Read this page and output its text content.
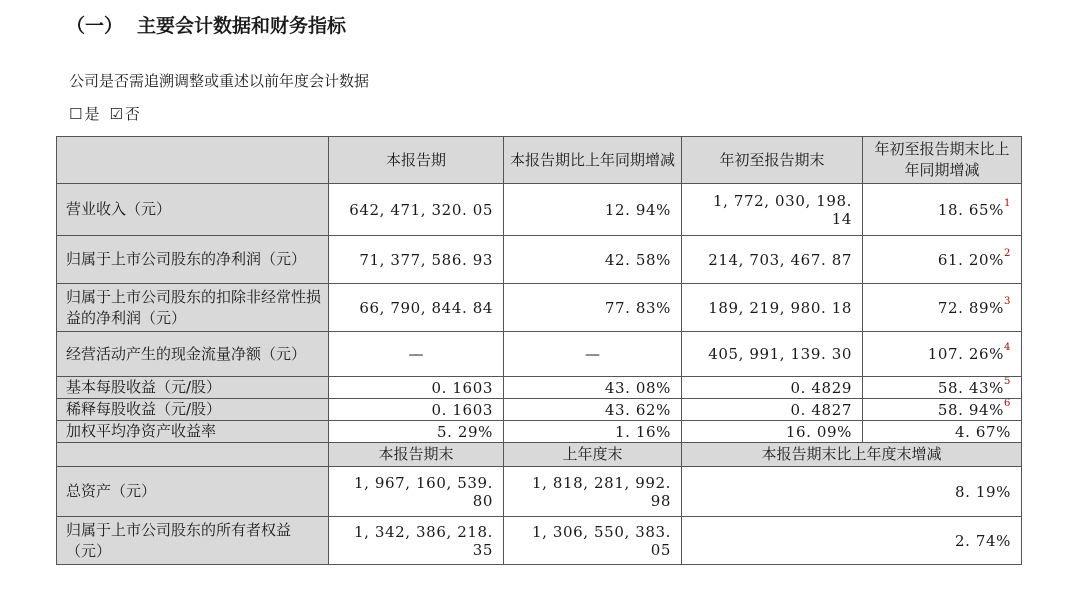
（一） 主要会计数据和财务指标
公司是否需追溯调整或重述以前年度会计数据
☐ 是 ☑ 否
	本报告期	本报告期比上年同期增减	年初至报告期末	年初至报告期末比上年同期增减
营业收入（元）	642, 471, 320. 05	12. 94%	1, 772, 030, 198. 14	18. 65%$^1$
归属于上市公司股东的净利润（元）	71, 377, 586. 93	42. 58%	214, 703, 467. 87	61. 20%$^2$
归属于上市公司股东的扣除非经常性损益的净利润（元）	66, 790, 844. 84	77. 83%	189, 219, 980. 18	72. 89%$^3$
经营活动产生的现金流量净额（元）	—	—	405, 991, 139. 30	107. 26%$^4$
基本每股收益（元/股）	0. 1603	43. 08%	0. 4829	58. 43%$^5$
稀释每股收益（元/股）	0. 1603	43. 62%	0. 4827	58. 94%$^6$
加权平均净资产收益率	5. 29%	1. 16%	16. 09%	4. 67%
	本报告期末	上年度末	本报告期末比上年度末增减	
总资产（元）	1, 967, 160, 539. 80	1, 818, 281, 992. 98	8. 19%	
归属于上市公司股东的所有者权益（元）	1, 342, 386, 218. 35	1, 306, 550, 383. 05	2. 74%	
